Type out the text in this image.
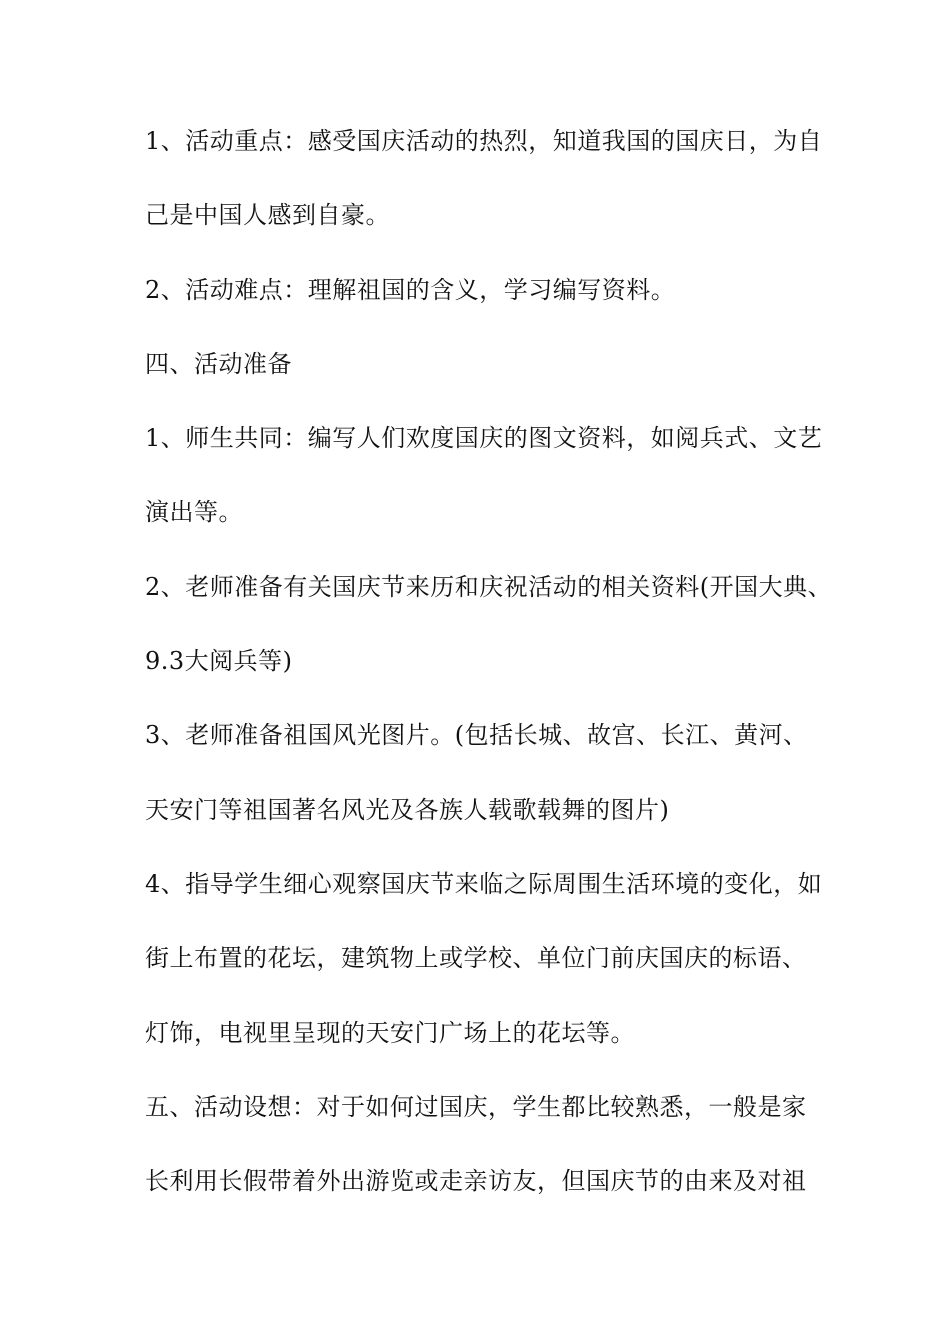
1、活动重点：感受国庆活动的热烈，知道我国的国庆日，为自
己是中国人感到自豪。
2、活动难点：理解祖国的含义，学习编写资料。
四、活动准备
1、师生共同：编写人们欢度国庆的图文资料，如阅兵式、文艺
演出等。
2、老师准备有关国庆节来历和庆祝活动的相关资料(开国大典、
9.3大阅兵等)
3、老师准备祖国风光图片。(包括长城、故宫、长江、黄河、
天安门等祖国著名风光及各族人载歌载舞的图片)
4、指导学生细心观察国庆节来临之际周围生活环境的变化，如
街上布置的花坛，建筑物上或学校、单位门前庆国庆的标语、
灯饰，电视里呈现的天安门广场上的花坛等。
五、活动设想：对于如何过国庆，学生都比较熟悉，一般是家
长利用长假带着外出游览或走亲访友，但国庆节的由来及对祖
